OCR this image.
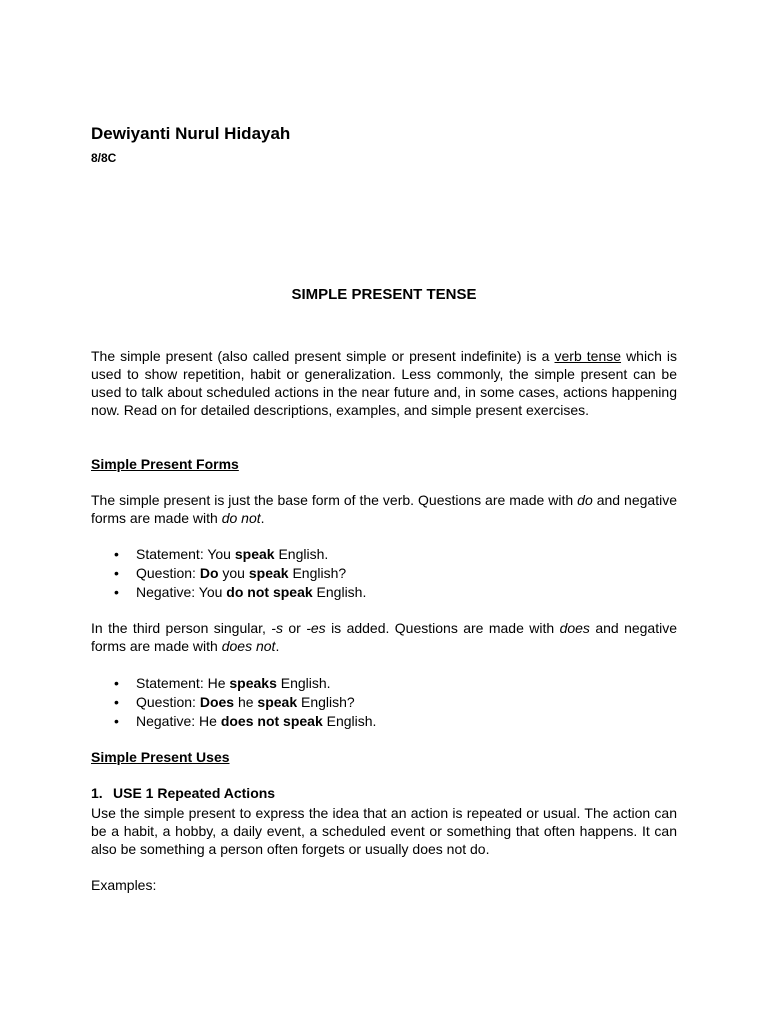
Dewiyanti Nurul Hidayah

8/8C

SIMPLE PRESENT TENSE

The simple present (also called present simple or present indefinite) is a verb tense which is used to show repetition, habit or generalization. Less commonly, the simple present can be used to talk about scheduled actions in the near future and, in some cases, actions happening now. Read on for detailed descriptions, examples, and simple present exercises.

Simple Present Forms

The simple present is just the base form of the verb. Questions are made with do and negative forms are made with do not.

• Statement: You speak English.
• Question: Do you speak English?
• Negative: You do not speak English.

In the third person singular, -s or -es is added. Questions are made with does and negative forms are made with does not.

• Statement: He speaks English.
• Question: Does he speak English?
• Negative: He does not speak English.

Simple Present Uses

1. USE 1 Repeated Actions

Use the simple present to express the idea that an action is repeated or usual. The action can be a habit, a hobby, a daily event, a scheduled event or something that often happens. It can also be something a person often forgets or usually does not do.

Examples:
